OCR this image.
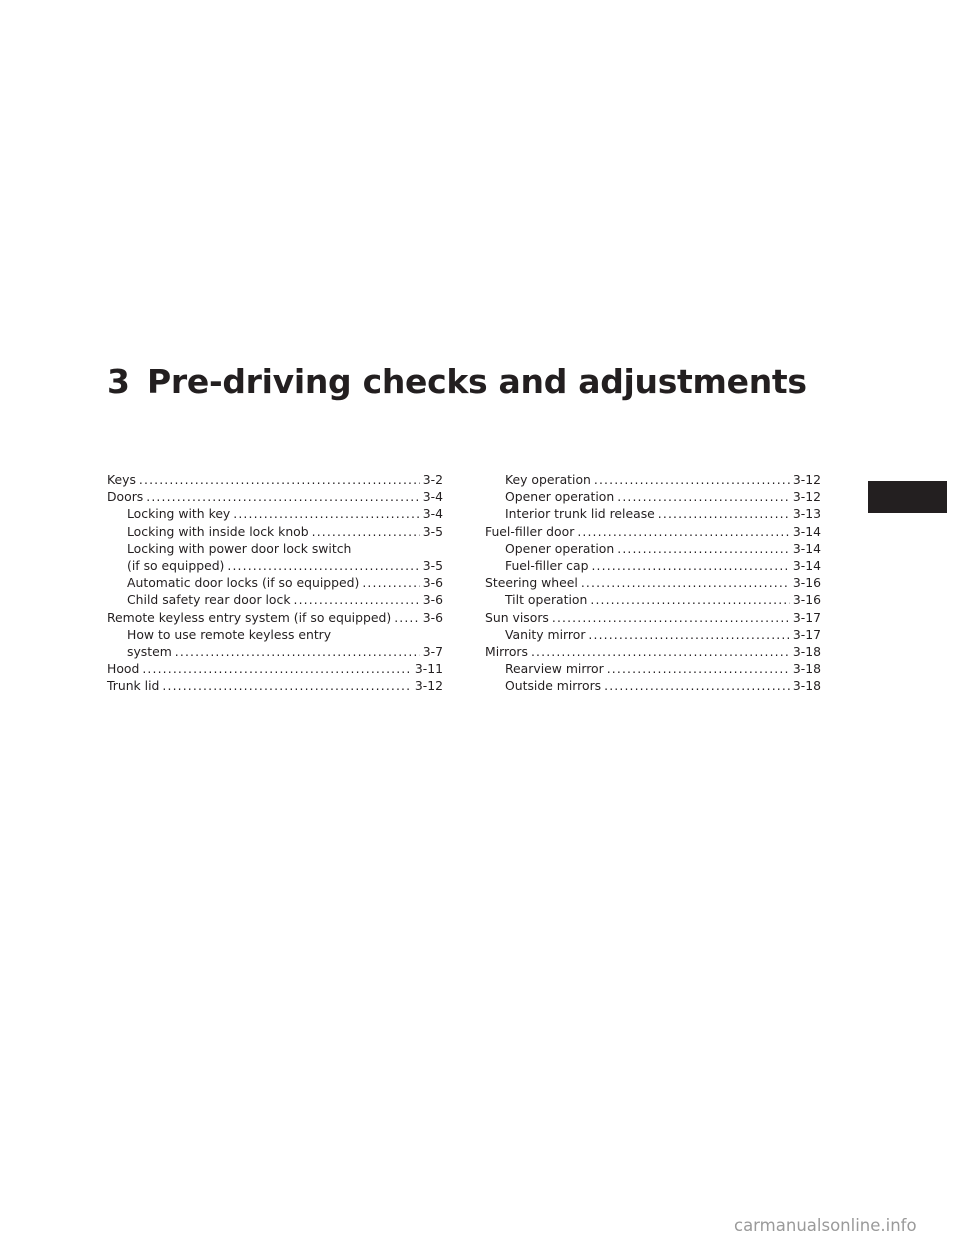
3 Pre-driving checks and adjustments
Keys . . .	3-2
Doors . . .	3-4
Locking with key . . .	3-4
Locking with inside lock knob . . .	3-5
Locking with power door lock switch
(if so equipped) . . .	3-5
Automatic door locks (if so equipped) . . .	3-6
Child safety rear door lock . . .	3-6
Remote keyless entry system (if so equipped) . . .	3-6
How to use remote keyless entry
system . . .	3-7
Hood . . .	3-11
Trunk lid . . .	3-12
Key operation . . .	3-12
Opener operation . . .	3-12
Interior trunk lid release . . .	3-13
Fuel-filler door . . .	3-14
Opener operation . . .	3-14
Fuel-filler cap . . .	3-14
Steering wheel . . .	3-16
Tilt operation . . .	3-16
Sun visors . . .	3-17
Vanity mirror . . .	3-17
Mirrors . . .	3-18
Rearview mirror . . .	3-18
Outside mirrors . . .	3-18
carmanualsonline.info
